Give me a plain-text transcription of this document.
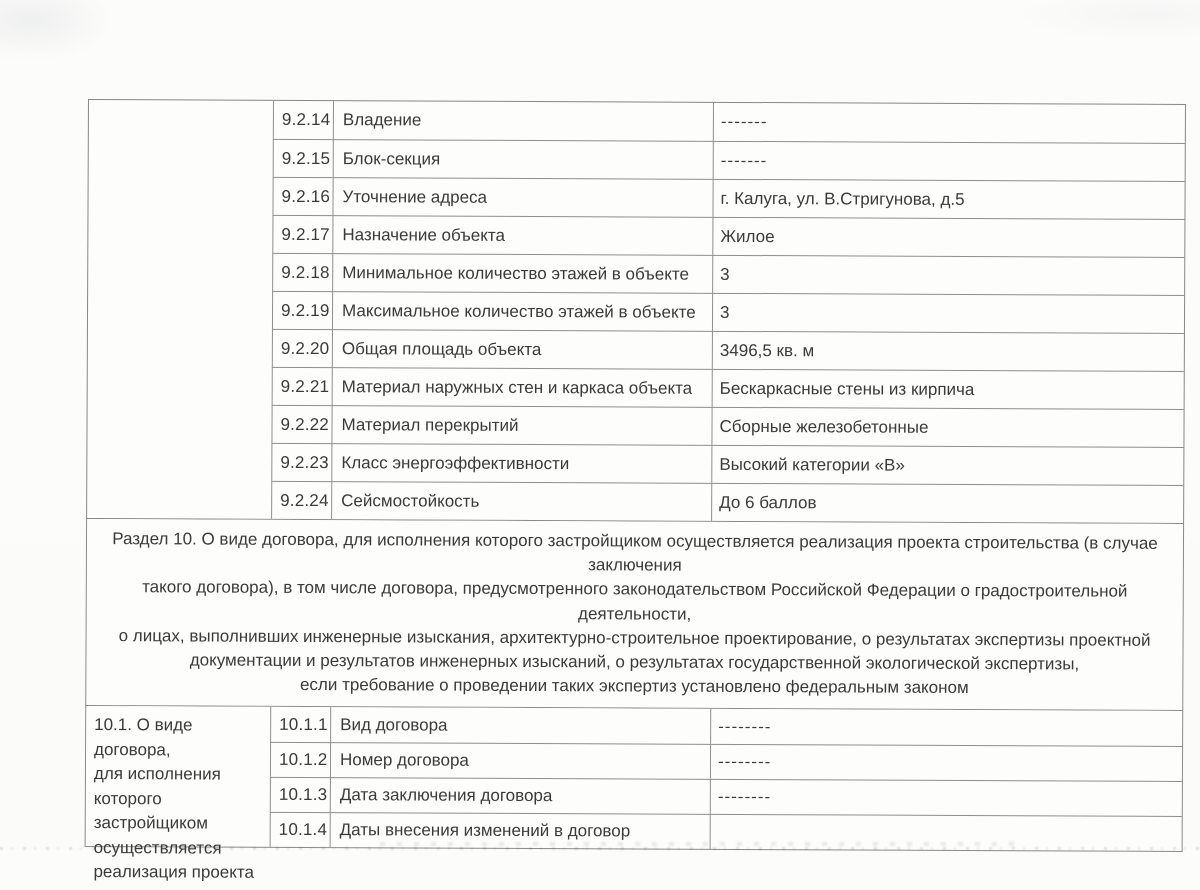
9.2.14 Владение	-------
9.2.15 Блок-секция	-------
9.2.16 Уточнение адреса	г. Калуга, ул. В.Стригунова, д.5
9.2.17 Назначение объекта	Жилое
9.2.18 Минимальное количество этажей в объекте	3
9.2.19 Максимальное количество этажей в объекте	3
9.2.20 Общая площадь объекта	3496,5 кв. м
9.2.21 Материал наружных стен и каркаса объекта	Бескаркасные стены из кирпича
9.2.22 Материал перекрытий	Сборные железобетонные
9.2.23 Класс энергоэффективности	Высокий категории «В»
9.2.24 Сейсмостойкость	До 6 баллов
Раздел 10. О виде договора, для исполнения которого застройщиком осуществляется реализация проекта строительства (в случае заключения
такого договора), в том числе договора, предусмотренного законодательством Российской Федерации о градостроительной деятельности,
о лицах, выполнивших инженерные изыскания, архитектурно-строительное проектирование, о результатах экспертизы проектной
документации и результатов инженерных изысканий, о результатах государственной экологической экспертизы,
если требование о проведении таких экспертиз установлено федеральным законом
10.1. О виде договора,
для исполнения
которого
застройщиком
осуществляется
реализация проекта
10.1.1 Вид договора	--------
10.1.2 Номер договора	--------
10.1.3 Дата заключения договора	--------
10.1.4 Даты внесения изменений в договор
